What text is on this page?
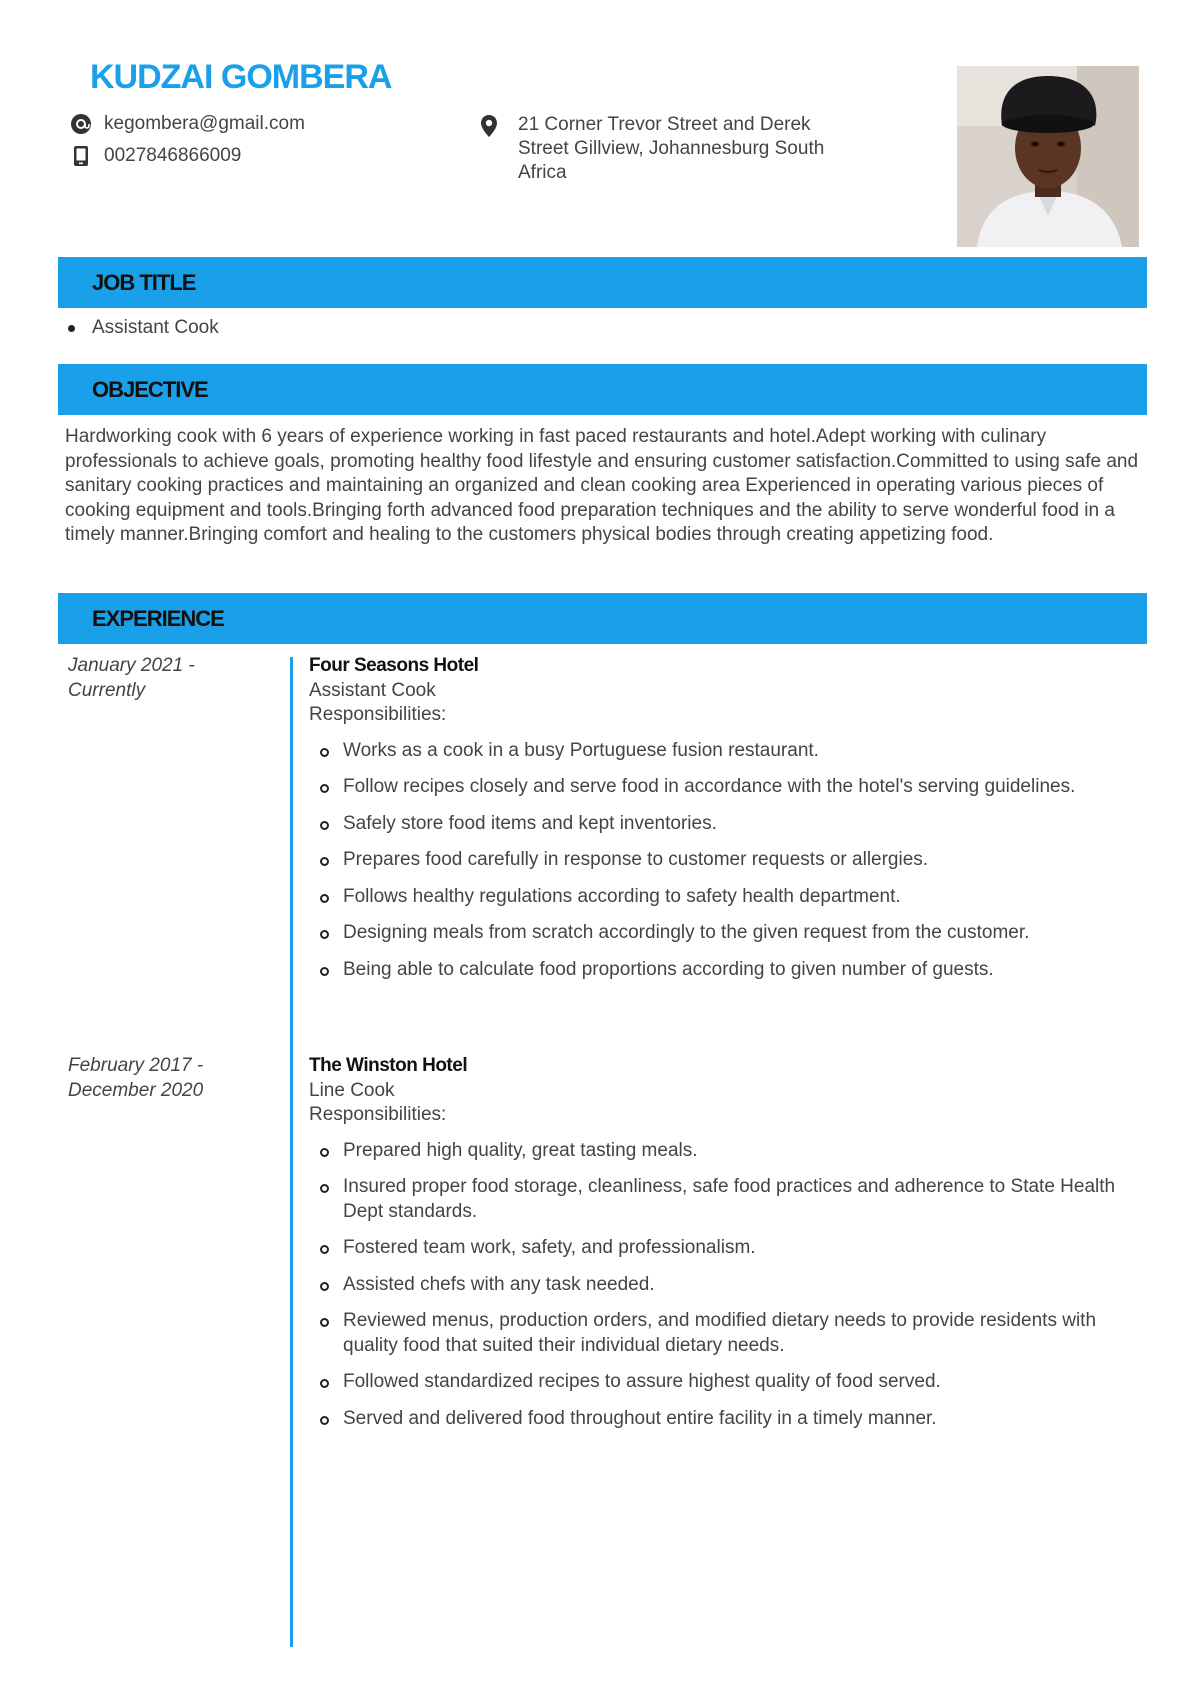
KUDZAI GOMBERA
kegombera@gmail.com
0027846866009
21 Corner Trevor Street and Derek Street Gillview, Johannesburg South Africa
JOB TITLE
Assistant Cook
OBJECTIVE
Hardworking cook with 6 years of experience working in fast paced restaurants and hotel.Adept working with culinary professionals to achieve goals, promoting healthy food lifestyle and ensuring customer satisfaction.Committed to using safe and sanitary cooking practices and maintaining an organized and clean cooking area Experienced in operating various pieces of cooking equipment and tools.Bringing forth advanced food preparation techniques and the ability to serve wonderful food in a timely manner.Bringing comfort and healing to the customers physical bodies through creating appetizing food.
EXPERIENCE
January 2021 - Currently
Four Seasons Hotel
Assistant Cook
Responsibilities:
Works as a cook in a busy Portuguese fusion restaurant.
Follow recipes closely and serve food in accordance with the hotel's serving guidelines.
Safely store food items and kept inventories.
Prepares food carefully in response to customer requests or allergies.
Follows healthy regulations according to safety health department.
Designing meals from scratch accordingly to the given request from the customer.
Being able to calculate food proportions according to given number of guests.
February 2017 - December 2020
The Winston Hotel
Line Cook
Responsibilities:
Prepared high quality, great tasting meals.
Insured proper food storage, cleanliness, safe food practices and adherence to State Health Dept standards.
Fostered team work, safety, and professionalism.
Assisted chefs with any task needed.
Reviewed menus, production orders, and modified dietary needs to provide residents with quality food that suited their individual dietary needs.
Followed standardized recipes to assure highest quality of food served.
Served and delivered food throughout entire facility in a timely manner.
